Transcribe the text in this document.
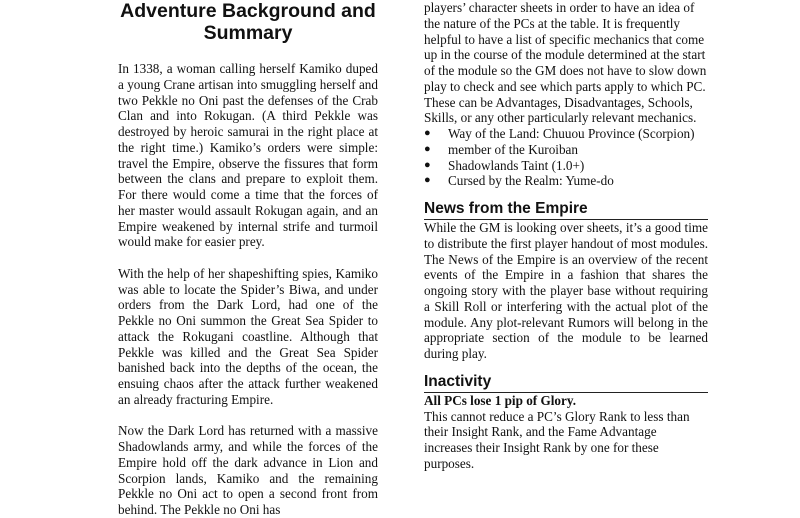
Adventure Background and
Summary

In 1338, a woman calling herself Kamiko duped a young Crane artisan into smuggling herself and two Pekkle no Oni past the defenses of the Crab Clan and into Rokugan. (A third Pekkle was destroyed by heroic samurai in the right place at the right time.) Kamiko’s orders were simple: travel the Empire, observe the fissures that form between the clans and prepare to exploit them. For there would come a time that the forces of her master would assault Rokugan again, and an Empire weakened by internal strife and turmoil would make for easier prey.

With the help of her shapeshifting spies, Kamiko was able to locate the Spider’s Biwa, and under orders from the Dark Lord, had one of the Pekkle no Oni summon the Great Sea Spider to attack the Rokugani coastline. Although that Pekkle was killed and the Great Sea Spider banished back into the depths of the ocean, the ensuing chaos after the attack further weakened an already fracturing Empire.

Now the Dark Lord has returned with a massive Shadowlands army, and while the forces of the Empire hold off the dark advance in Lion and Scorpion lands, Kamiko and the remaining Pekkle no Oni act to open a second front from behind. The Pekkle no Oni has

players’ character sheets in order to have an idea of the nature of the PCs at the table. It is frequently helpful to have a list of specific mechanics that come up in the course of the module determined at the start of the module so the GM does not have to slow down play to check and see which parts apply to which PC. These can be Advantages, Disadvantages, Schools, Skills, or any other particularly relevant mechanics.

● Way of the Land: Chuuou Province (Scorpion)
● member of the Kuroiban
● Shadowlands Taint (1.0+)
● Cursed by the Realm: Yume-do
News from the Empire

While the GM is looking over sheets, it’s a good time to distribute the first player handout of most modules. The News of the Empire is an overview of the recent events of the Empire in a fashion that shares the ongoing story with the player base without requiring a Skill Roll or interfering with the actual plot of the module. Any plot-relevant Rumors will belong in the appropriate section of the module to be learned during play.

Inactivity

All PCs lose 1 pip of Glory.

This cannot reduce a PC’s Glory Rank to less than their Insight Rank, and the Fame Advantage increases their Insight Rank by one for these purposes.
